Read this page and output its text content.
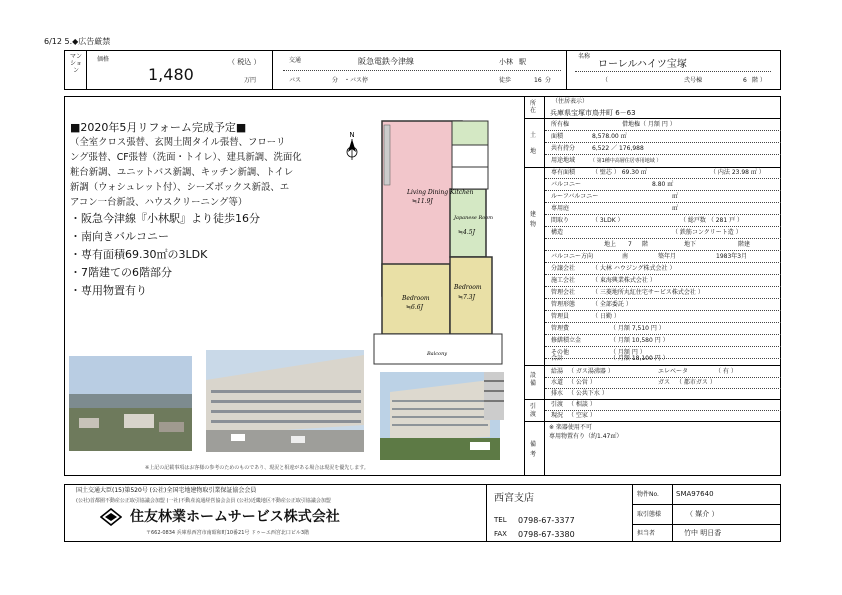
6/12 5.◆広告厳禁
マンション
価格
1,480
（ 税込 ）
万円
交通	阪急電鉄今津線	小林 駅
バス	分 ・バス停	徒歩	16 分
名称
ローレルハイツ宝塚
（	弐号棟	6 階 ）
■2020年5月リフォーム完成予定■
（全室クロス張替、玄関土間タイル張替、フローリ
ング張替、CF張替（洗面・トイレ）、建具新調、洗面化
粧台新調、ユニットバス新調、キッチン新調、トイレ
新調（ウォシュレット付）、シーズボックス新設、エ
アコン一台新設、ハウスクリーニング等）
・阪急今津線『小林駅』より徒歩16分
・南向きバルコニー
・専有面積69.30㎡の3LDK
・7階建ての6階部分
・専用物置有り
N
Living Dining Kitchen
≒11.9J
Japanese Room
≒4.5J
Bedroom
≒6.6J
Bedroom
≒7.3J
Balcony
※上記の記載事項はお客様の参考のためのものであり、現況と相違がある場合は現況を優先します。
所在
（住居表示）
兵庫県宝塚市鳥井町 6－63
土地
所有権	借地権（ 月額 円 ）
面積	8,578.00 ㎡
共有持分	6,522 ／ 176,988
用途地域	（ 第1種中高層住居専用地域 ）
建物
専有面積	（ 壁芯 ） 69.30 ㎡	（ 内法 23.98 ㎡ ）
バルコニー	8.80 ㎡
ルーフバルコニー	㎡
専用庭	㎡
間取り	（ 3LDK ）	（ 総戸数 （ 281 戸 ）
構造	（ 鉄筋コンクリート造 ）
地上 7 階	地下	階建
バルコニー方向	南	築年月	1983年3月
分譲会社	（ 大林 ハウジング株式会社 ）
施工会社	（ 東海興業株式会社 ）
管理会社	（ 三菱地所丸紅住宅サービス株式会社 ）
管理形態	（ 全部委託 ）
管理員	（ 日勤 ）
管理費	（ 月額 7,510 円 ）
修繕積立金	（ 月額 10,580 円 ）
その他	（ 月額 円 ）
合計	（ 月額 18,100 円 ）
設備
給湯 （ ガス湯沸器 ）	エレベータ	（ 有 ）
水道 （ 公営 ）	ガス （ 都市ガス ）
排水 （ 公共下水 ）
引渡
引渡 （ 相談 ）
現況 （ 空家 ）
備考
※ 楽器使用不可
専用物置有り（約1.47㎡）
国土交通大臣(15)第520号 (公社)全国宅地建物取引業保証協会会員
(公社)首都圏不動産公正取引協議会加盟 (一社)不動産流通経営協会会員 (公社)近畿地区不動産公正取引協議会加盟
住友林業ホームサービス株式会社
〒662-0834 兵庫県西宮市南昭和町10番21号 ドゥーエ西宮北口ビル3階
西宮支店
TEL 0798-67-3377
FAX 0798-67-3380
物件No. SMA97640
取引態様	（ 媒介 ）
担当者	竹中 明日香
